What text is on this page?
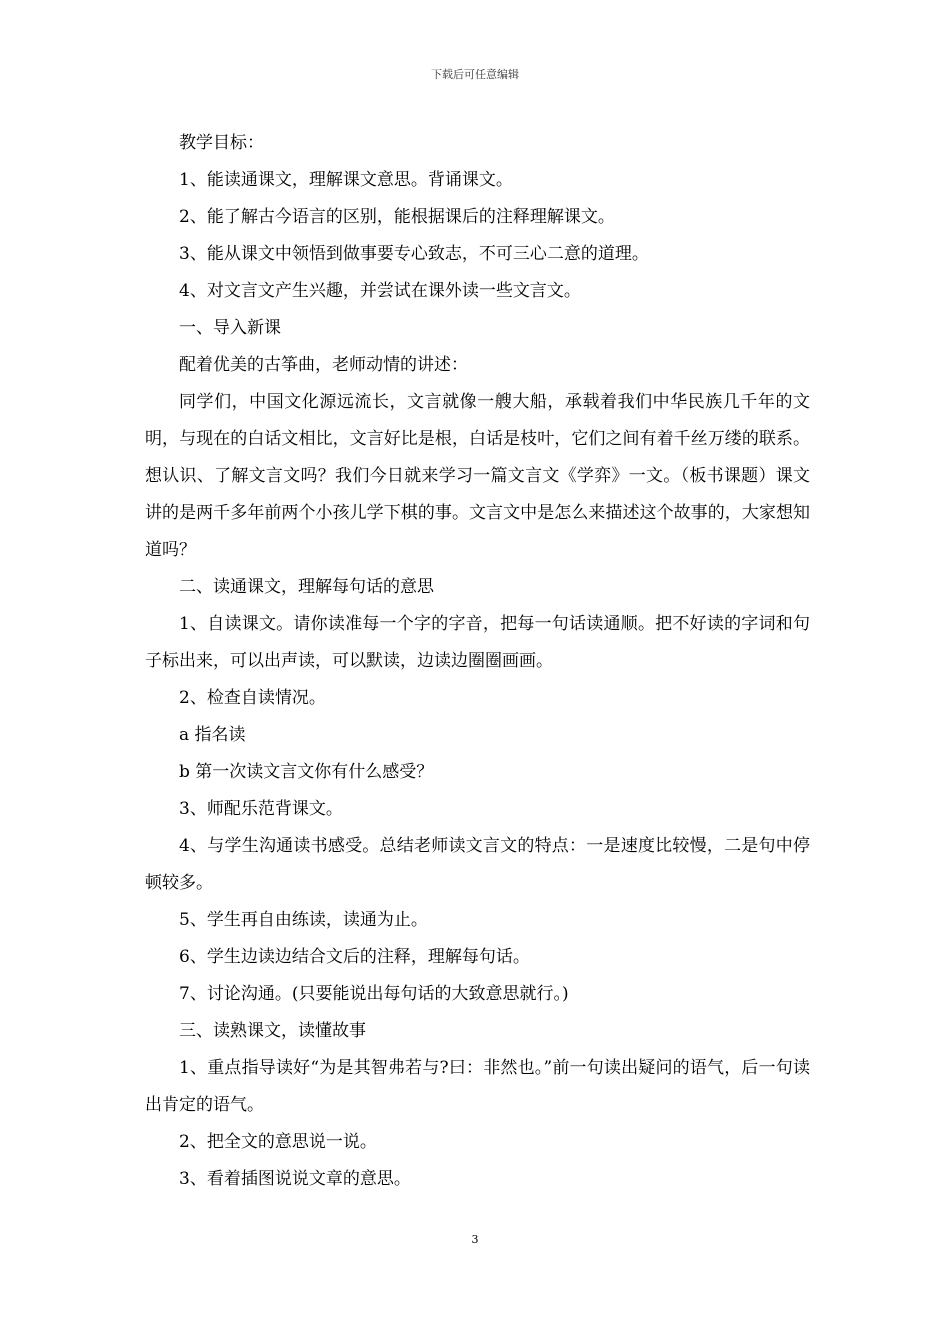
下载后可任意编辑

教学目标：

1、能读通课文，理解课文意思。背诵课文。

2、能了解古今语言的区别，能根据课后的注释理解课文。

3、能从课文中领悟到做事要专心致志，不可三心二意的道理。

4、对文言文产生兴趣，并尝试在课外读一些文言文。

一、导入新课

配着优美的古筝曲，老师动情的讲述：

同学们，中国文化源远流长，文言就像一艘大船，承载着我们中华民族几千年的文明，与现在的白话文相比，文言好比是根，白话是枝叶，它们之间有着千丝万缕的联系。想认识、了解文言文吗？我们今日就来学习一篇文言文《学弈》一文。（板书课题）课文讲的是两千多年前两个小孩儿学下棋的事。文言文中是怎么来描述这个故事的，大家想知道吗？

二、读通课文，理解每句话的意思

1、自读课文。请你读准每一个字的字音，把每一句话读通顺。把不好读的字词和句子标出来，可以出声读，可以默读，边读边圈圈画画。

2、检查自读情况。

a 指名读

b 第一次读文言文你有什么感受？

3、师配乐范背课文。

4、与学生沟通读书感受。总结老师读文言文的特点：一是速度比较慢，二是句中停顿较多。

5、学生再自由练读，读通为止。

6、学生边读边结合文后的注释，理解每句话。

7、讨论沟通。(只要能说出每句话的大致意思就行。)

三、读熟课文，读懂故事

1、重点指导读好“为是其智弗若与?曰：非然也。”前一句读出疑问的语气，后一句读出肯定的语气。

2、把全文的意思说一说。

3、看着插图说说文章的意思。

3
